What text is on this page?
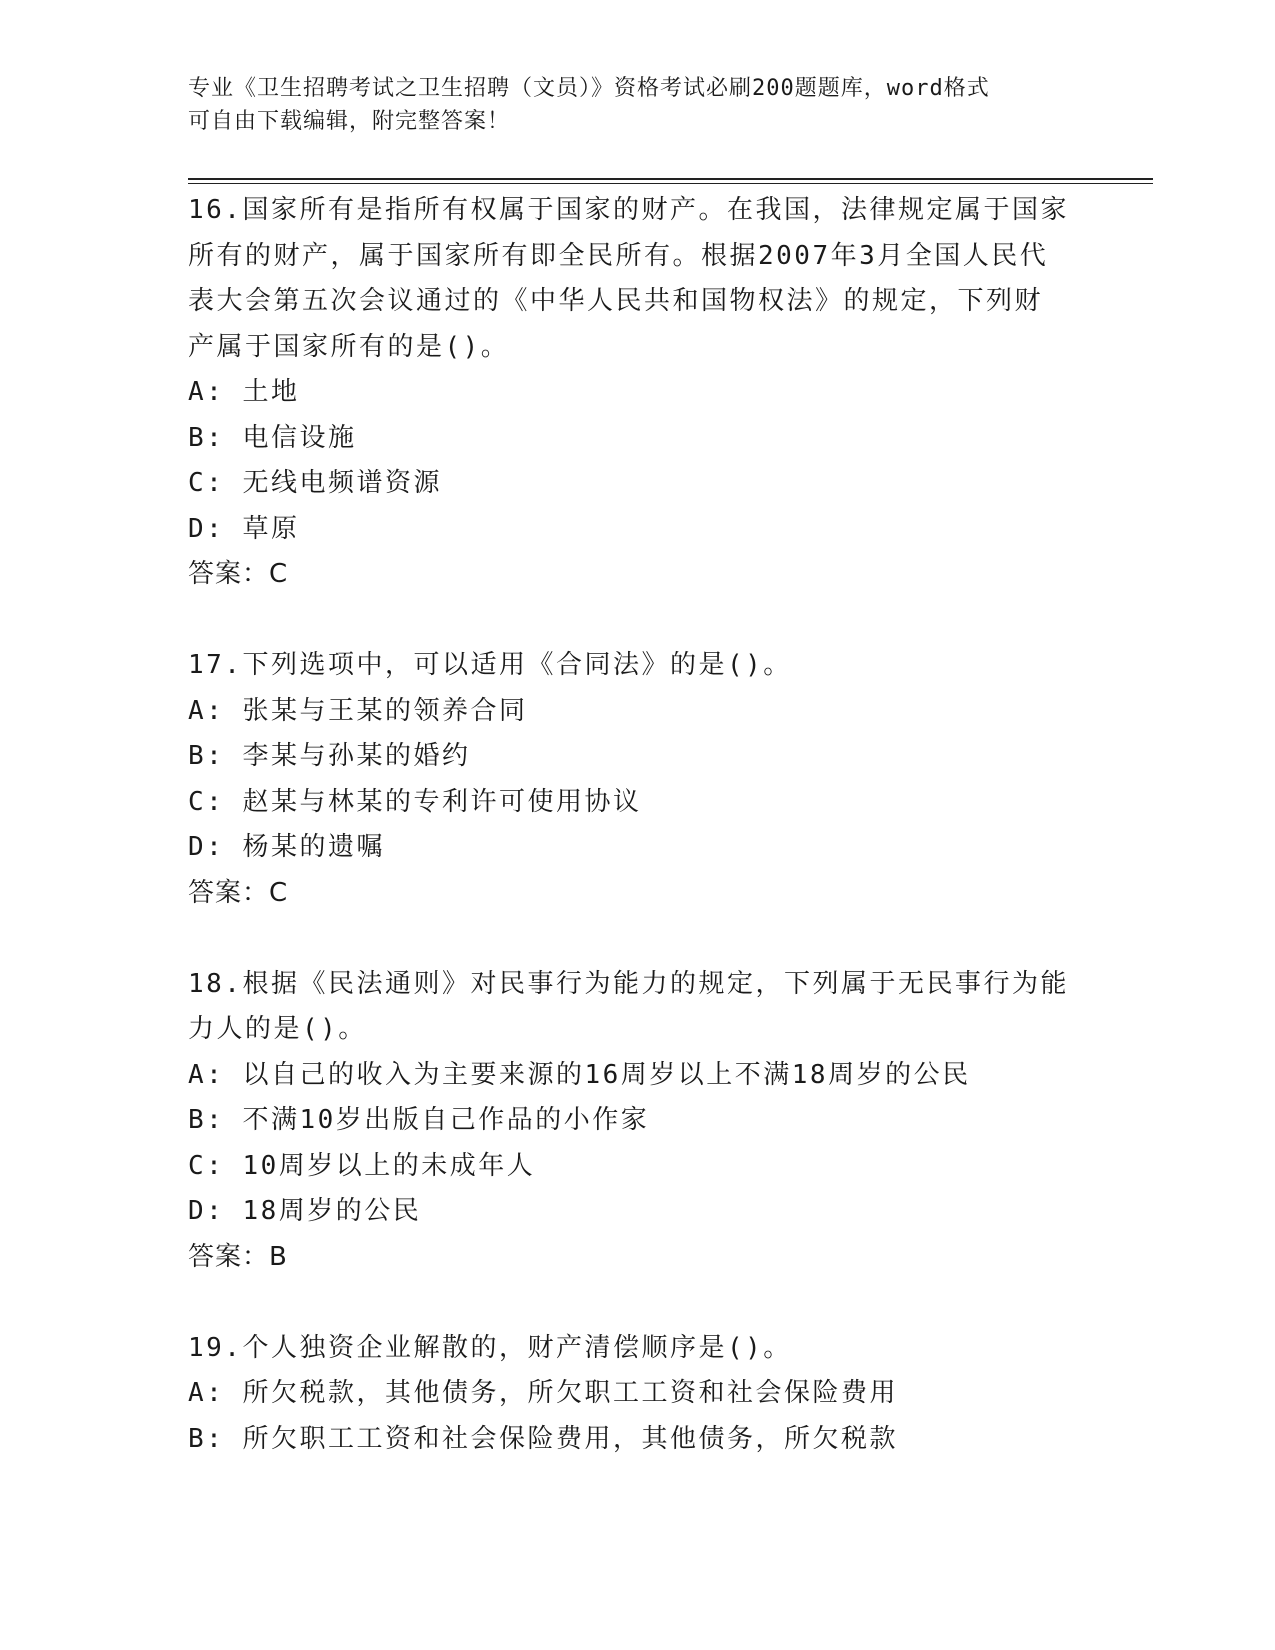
专业《卫生招聘考试之卫生招聘（文员）》资格考试必刷200题题库，word格式
可自由下载编辑，附完整答案！

16.国家所有是指所有权属于国家的财产。在我国，法律规定属于国家

所有的财产，属于国家所有即全民所有。根据2007年3月全国人民代

表大会第五次会议通过的《中华人民共和国物权法》的规定，下列财

产属于国家所有的是()。

A: 土地

B: 电信设施

C: 无线电频谱资源

D: 草原

答案：C

17.下列选项中，可以适用《合同法》的是()。

A: 张某与王某的领养合同

B: 李某与孙某的婚约

C: 赵某与林某的专利许可使用协议

D: 杨某的遗嘱

答案：C

18.根据《民法通则》对民事行为能力的规定，下列属于无民事行为能

力人的是()。

A: 以自己的收入为主要来源的16周岁以上不满18周岁的公民

B: 不满10岁出版自己作品的小作家

C: 10周岁以上的未成年人

D: 18周岁的公民

答案：B

19.个人独资企业解散的，财产清偿顺序是()。

A: 所欠税款，其他债务，所欠职工工资和社会保险费用

B: 所欠职工工资和社会保险费用，其他债务，所欠税款
